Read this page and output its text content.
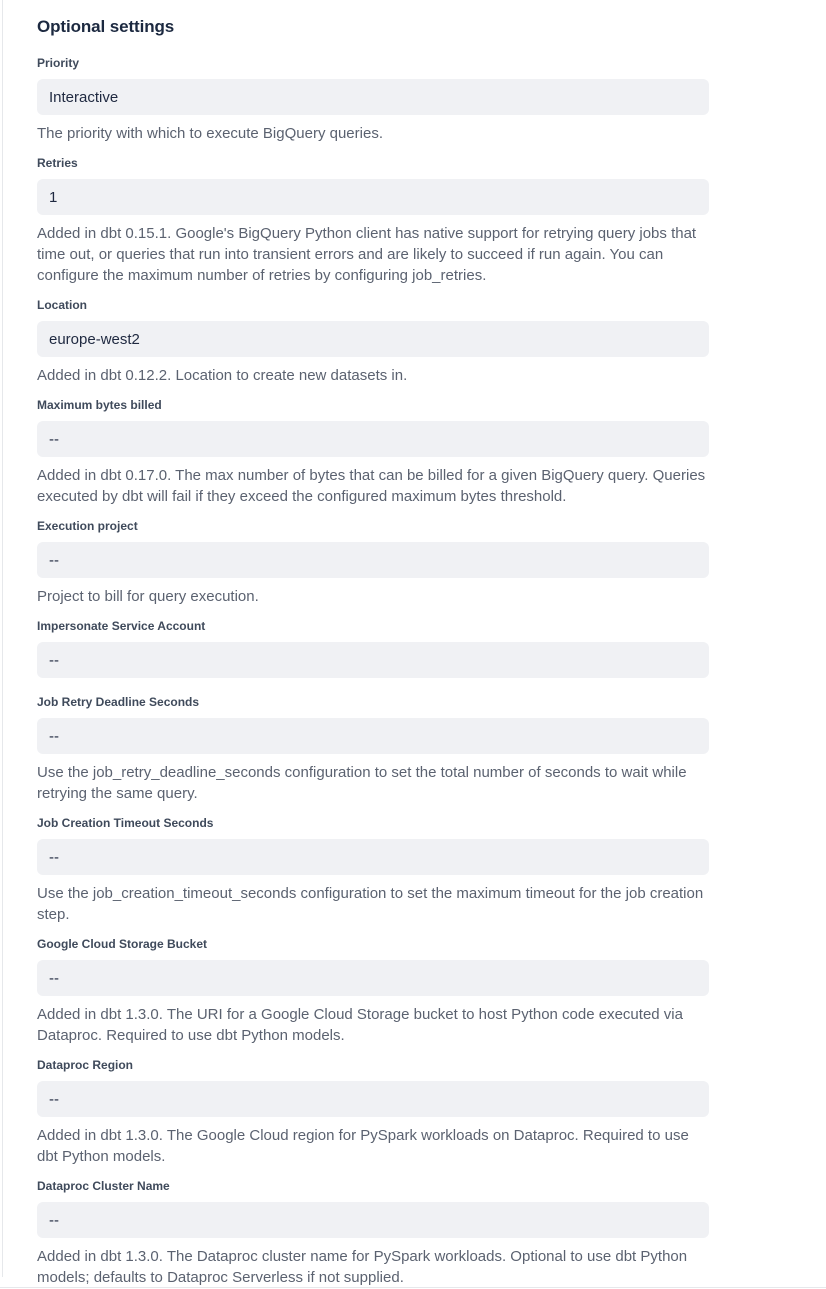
Optional settings
Priority
Interactive
The priority with which to execute BigQuery queries.
Retries
1
Added in dbt 0.15.1. Google's BigQuery Python client has native support for retrying query jobs that time out, or queries that run into transient errors and are likely to succeed if run again. You can configure the maximum number of retries by configuring job_retries.
Location
europe-west2
Added in dbt 0.12.2. Location to create new datasets in.
Maximum bytes billed
--
Added in dbt 0.17.0. The max number of bytes that can be billed for a given BigQuery query. Queries executed by dbt will fail if they exceed the configured maximum bytes threshold.
Execution project
--
Project to bill for query execution.
Impersonate Service Account
--
Job Retry Deadline Seconds
--
Use the job_retry_deadline_seconds configuration to set the total number of seconds to wait while retrying the same query.
Job Creation Timeout Seconds
--
Use the job_creation_timeout_seconds configuration to set the maximum timeout for the job creation step.
Google Cloud Storage Bucket
--
Added in dbt 1.3.0. The URI for a Google Cloud Storage bucket to host Python code executed via Dataproc. Required to use dbt Python models.
Dataproc Region
--
Added in dbt 1.3.0. The Google Cloud region for PySpark workloads on Dataproc. Required to use dbt Python models.
Dataproc Cluster Name
--
Added in dbt 1.3.0. The Dataproc cluster name for PySpark workloads. Optional to use dbt Python models; defaults to Dataproc Serverless if not supplied.
